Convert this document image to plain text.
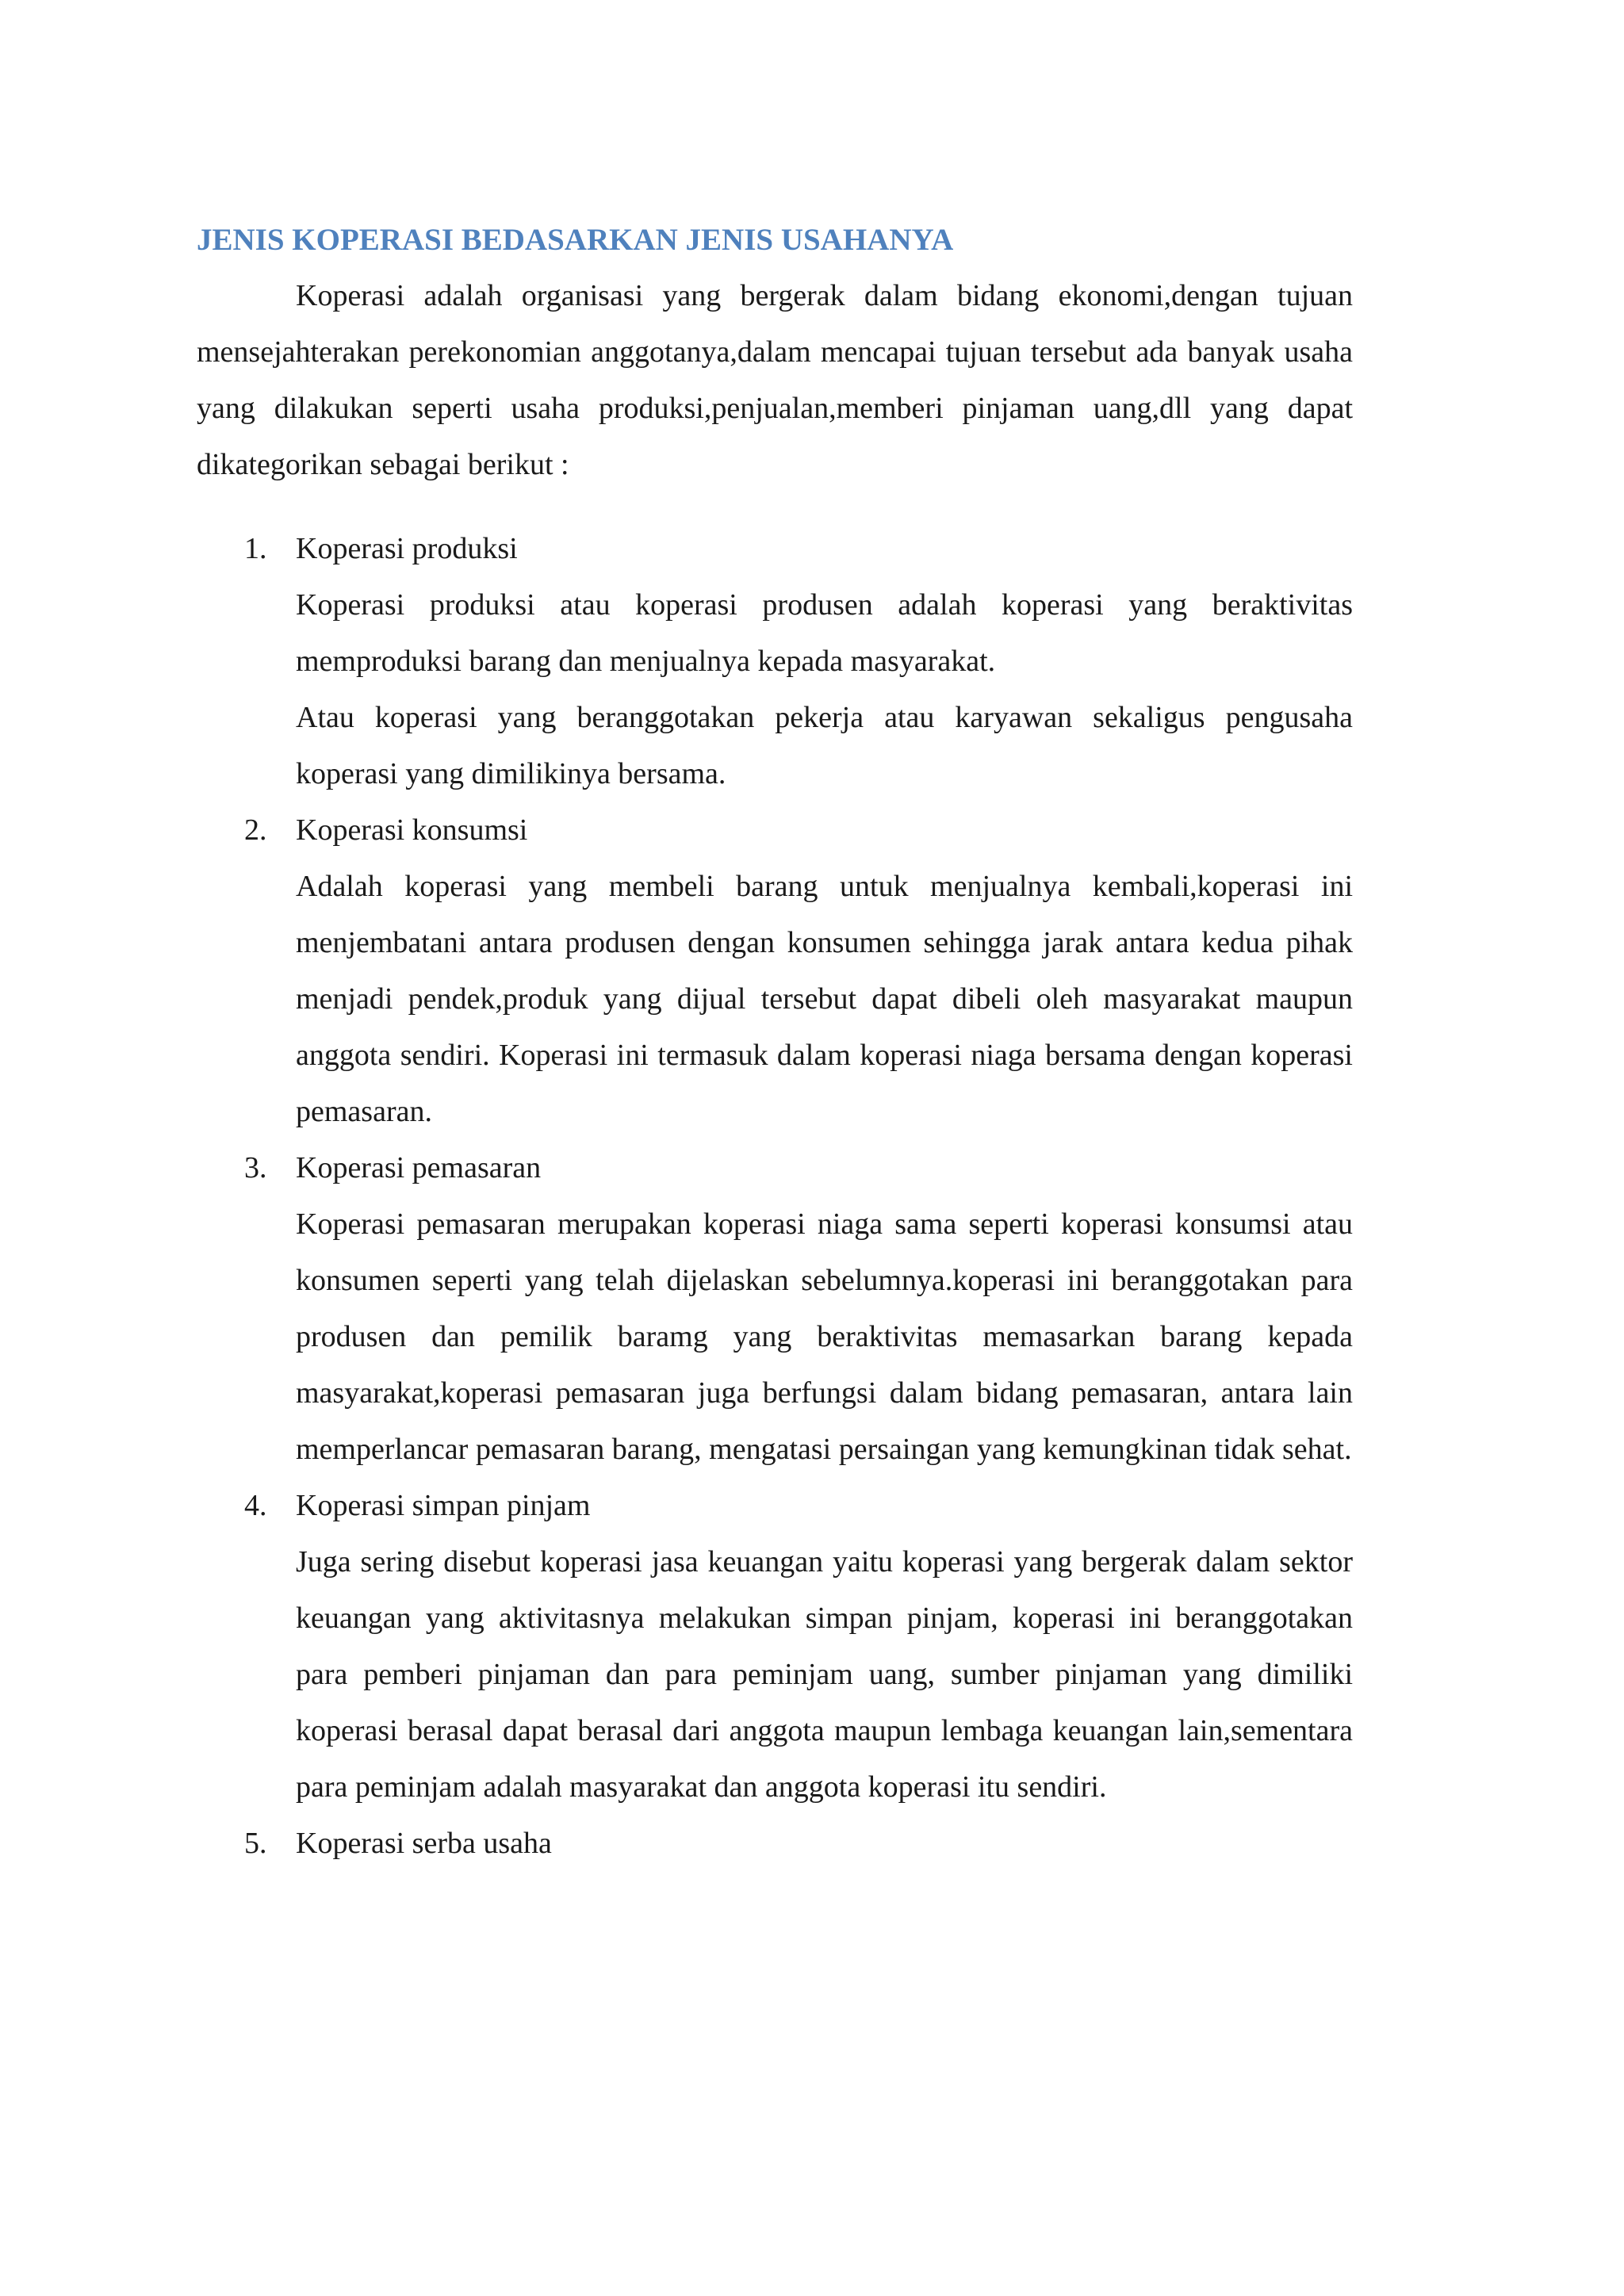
JENIS KOPERASI BEDASARKAN JENIS USAHANYA

Koperasi adalah organisasi yang bergerak dalam bidang ekonomi,dengan tujuan mensejahterakan perekonomian anggotanya,dalam mencapai tujuan tersebut ada banyak usaha yang dilakukan seperti usaha produksi,penjualan,memberi pinjaman uang,dll yang dapat dikategorikan sebagai berikut :

1. Koperasi produksi

Koperasi produksi atau koperasi produsen adalah koperasi yang beraktivitas memproduksi barang dan menjualnya kepada masyarakat.

Atau koperasi yang beranggotakan pekerja atau karyawan sekaligus pengusaha koperasi yang dimilikinya bersama.

2. Koperasi konsumsi

Adalah koperasi yang membeli barang untuk menjualnya kembali,koperasi ini menjembatani antara produsen dengan konsumen sehingga jarak antara kedua pihak menjadi pendek,produk yang dijual tersebut dapat dibeli oleh masyarakat maupun anggota sendiri. Koperasi ini termasuk dalam koperasi niaga bersama dengan koperasi pemasaran.

3. Koperasi pemasaran

Koperasi pemasaran merupakan koperasi niaga sama seperti koperasi konsumsi atau konsumen seperti yang telah dijelaskan sebelumnya.koperasi ini beranggotakan para produsen dan pemilik baramg yang beraktivitas memasarkan barang kepada masyarakat,koperasi pemasaran juga berfungsi dalam bidang pemasaran, antara lain memperlancar pemasaran barang, mengatasi persaingan yang kemungkinan tidak sehat.

4. Koperasi simpan pinjam

Juga sering disebut koperasi jasa keuangan yaitu koperasi yang bergerak dalam sektor keuangan yang aktivitasnya melakukan simpan pinjam, koperasi ini beranggotakan para pemberi pinjaman dan para peminjam uang, sumber pinjaman yang dimiliki koperasi berasal dapat berasal dari anggota maupun lembaga keuangan lain,sementara para peminjam adalah masyarakat dan anggota koperasi itu sendiri.

5. Koperasi serba usaha
